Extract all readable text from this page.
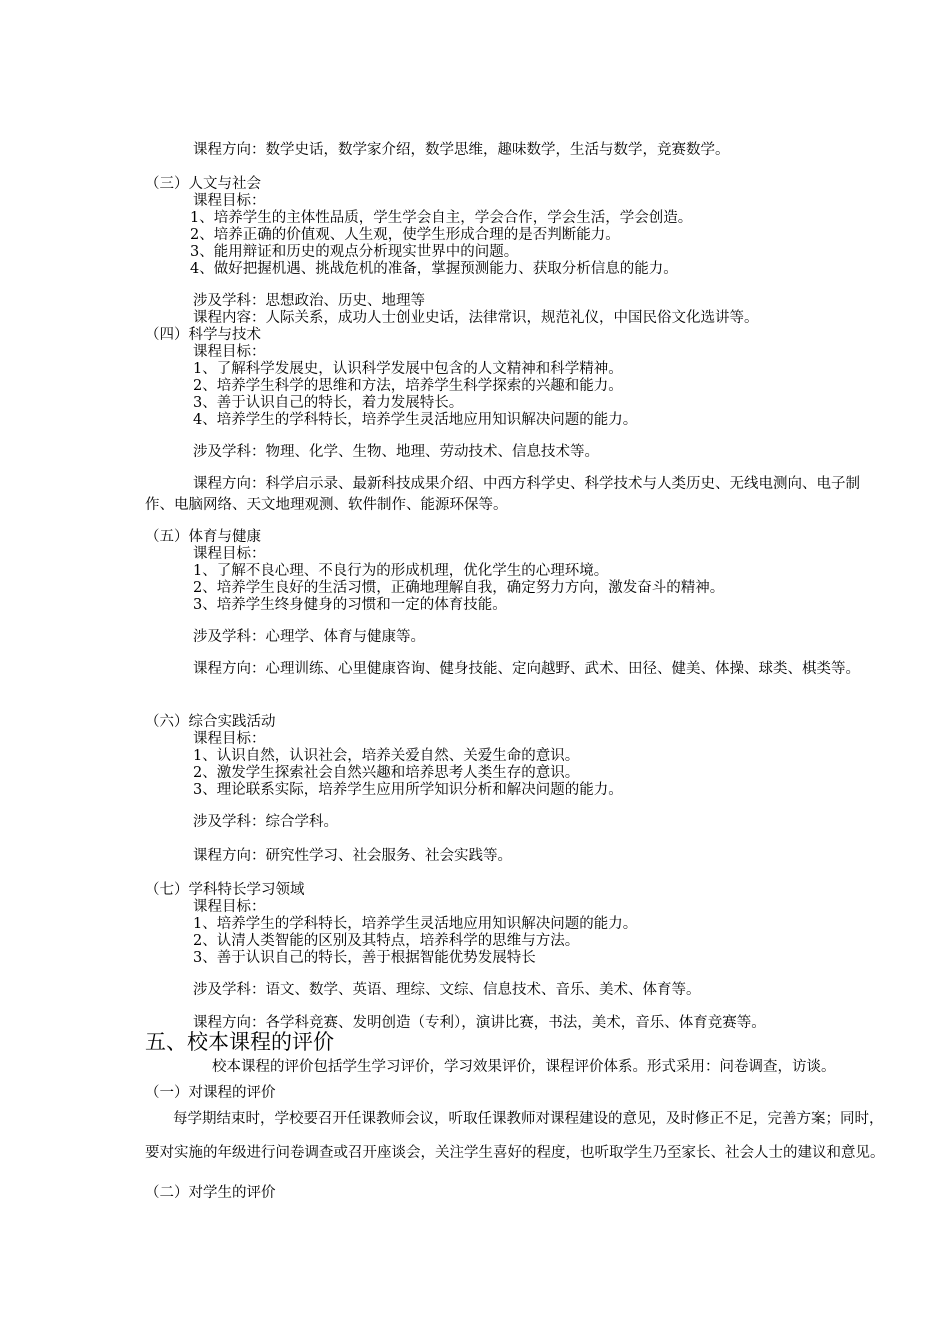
课程方向：数学史话，数学家介绍，数学思维，趣味数学，生活与数学，竞赛数学。

（三）人文与社会

课程目标：

1、培养学生的主体性品质，学生学会自主，学会合作，学会生活，学会创造。

2、培养正确的价值观、人生观，使学生形成合理的是否判断能力。

3、能用辩证和历史的观点分析现实世界中的问题。

4、做好把握机遇、挑战危机的准备，掌握预测能力、获取分析信息的能力。

涉及学科：思想政治、历史、地理等

课程内容：人际关系，成功人士创业史话，法律常识，规范礼仪，中国民俗文化选讲等。

（四）科学与技术

课程目标：

1、了解科学发展史，认识科学发展中包含的人文精神和科学精神。

2、培养学生科学的思维和方法，培养学生科学探索的兴趣和能力。

3、善于认识自己的特长，着力发展特长。

4、培养学生的学科特长，培养学生灵活地应用知识解决问题的能力。

涉及学科：物理、化学、生物、地理、劳动技术、信息技术等。

课程方向：科学启示录、最新科技成果介绍、中西方科学史、科学技术与人类历史、无线电测向、电子制作、电脑网络、天文地理观测、软件制作、能源环保等。

（五）体育与健康

课程目标：

1、了解不良心理、不良行为的形成机理，优化学生的心理环境。

2、培养学生良好的生活习惯，正确地理解自我，确定努力方向，激发奋斗的精神。

3、培养学生终身健身的习惯和一定的体育技能。

涉及学科：心理学、体育与健康等。

课程方向：心理训练、心里健康咨询、健身技能、定向越野、武术、田径、健美、体操、球类、棋类等。

（六）综合实践活动

课程目标：

1、认识自然，认识社会，培养关爱自然、关爱生命的意识。

2、激发学生探索社会自然兴趣和培养思考人类生存的意识。

3、理论联系实际，培养学生应用所学知识分析和解决问题的能力。

涉及学科：综合学科。

课程方向：研究性学习、社会服务、社会实践等。

（七）学科特长学习领域

课程目标：

1、培养学生的学科特长，培养学生灵活地应用知识解决问题的能力。

2、认清人类智能的区别及其特点，培养科学的思维与方法。

3、善于认识自己的特长，善于根据智能优势发展特长

涉及学科：语文、数学、英语、理综、文综、信息技术、音乐、美术、体育等。

课程方向：各学科竞赛、发明创造（专利），演讲比赛，书法，美术，音乐、体育竞赛等。

五、校本课程的评价

校本课程的评价包括学生学习评价，学习效果评价，课程评价体系。形式采用：问卷调查，访谈。

（一）对课程的评价

每学期结束时，学校要召开任课教师会议，听取任课教师对课程建设的意见，及时修正不足，完善方案；同时，要对实施的年级进行问卷调查或召开座谈会，关注学生喜好的程度，也听取学生乃至家长、社会人士的建议和意见。

（二）对学生的评价
